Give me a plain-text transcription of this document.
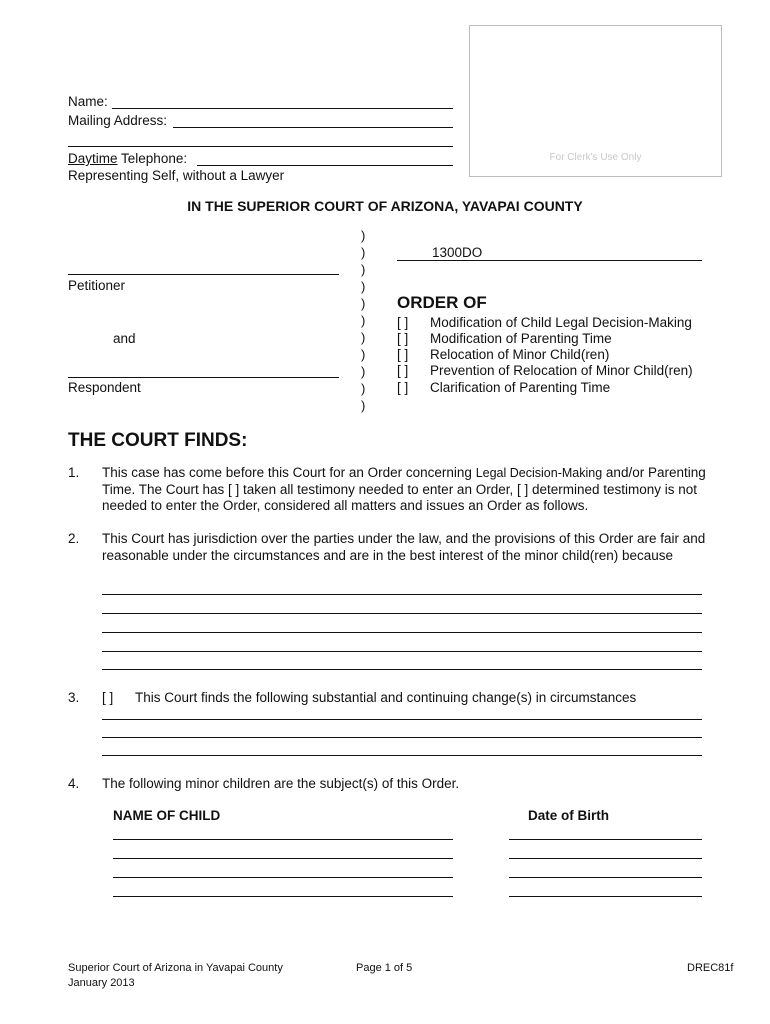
Name:
Mailing Address:
Daytime Telephone:
Representing Self, without a Lawyer
For Clerk's Use Only
IN THE SUPERIOR COURT OF ARIZONA, YAVAPAI COUNTY
)
)
)
)
)
)
)
)
)
)
)
1300DO
Petitioner
and
Respondent
ORDER OF
[ ] Modification of Child Legal Decision-Making
[ ] Modification of Parenting Time
[ ] Relocation of Minor Child(ren)
[ ] Prevention of Relocation of Minor Child(ren)
[ ] Clarification of Parenting Time
THE COURT FINDS:
1. This case has come before this Court for an Order concerning Legal Decision-Making and/or Parenting Time. The Court has [ ] taken all testimony needed to enter an Order, [ ] determined testimony is not needed to enter the Order, considered all matters and issues an Order as follows.
2. This Court has jurisdiction over the parties under the law, and the provisions of this Order are fair and reasonable under the circumstances and are in the best interest of the minor child(ren) because
3. [ ] This Court finds the following substantial and continuing change(s) in circumstances
4. The following minor children are the subject(s) of this Order.
NAME OF CHILD	Date of Birth
Superior Court of Arizona in Yavapai County
January 2013
Page 1 of 5	DREC81f
